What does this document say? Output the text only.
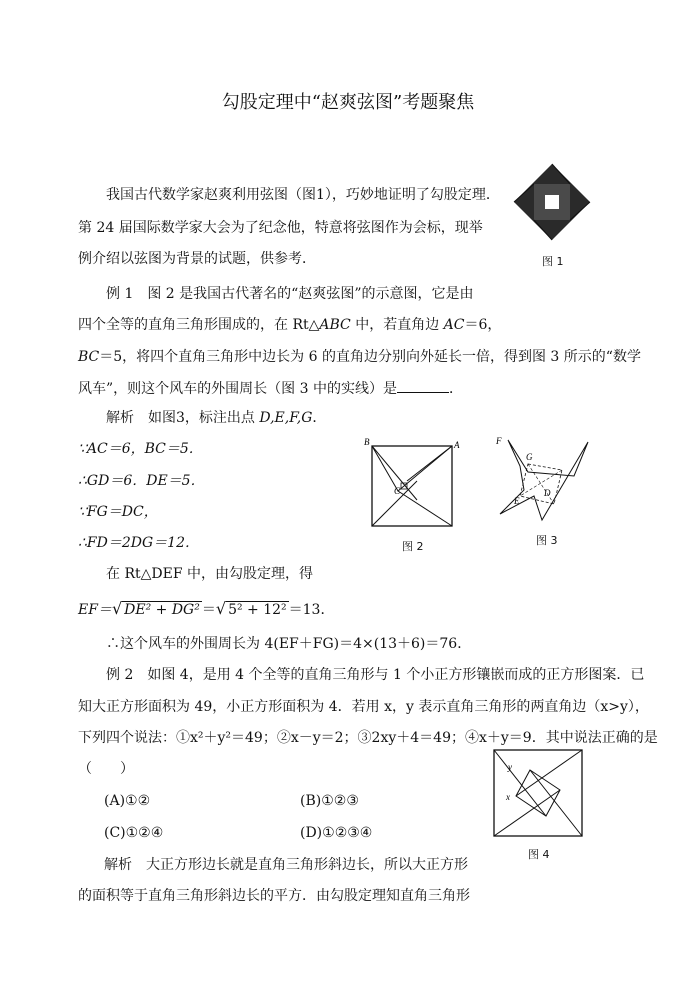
勾股定理中“赵爽弦图”考题聚焦
我国古代数学家赵爽利用弦图（图1），巧妙地证明了勾股定理．
第 24 届国际数学家大会为了纪念他，特意将弦图作为会标，现举
例介绍以弦图为背景的试题，供参考．	图 1
例 1　图 2 是我国古代著名的“赵爽弦图”的示意图，它是由
四个全等的直角三角形围成的，在 Rt△ABC 中，若直角边 AC＝6，
BC＝5，将四个直角三角形中边长为 6 的直角边分别向外延长一倍，得到图 3 所示的“数学
风车”，则这个风车的外围周长（图 3 中的实线）是	．
解析　如图3，标注出点 D,E,F,G．
∵AC＝6，BC＝5．
∴GD＝6．DE＝5．
∵FG＝DC，
∴FD＝2DG＝12．
在 Rt△DEF 中，由勾股定理，得
EF＝√ DE² + DG² ＝√ 5² + 12² ＝13．
∴这个风车的外围周长为 4(EF＋FG)＝4×(13＋6)＝76．
B	A
C
图 2
F
G
D
E
图 3
例 2　如图 4，是用 4 个全等的直角三角形与 1 个小正方形镶嵌而成的正方形图案．已
知大正方形面积为 49，小正方形面积为 4．若用 x，y 表示直角三角形的两直角边（x>y），
下列四个说法：①x²＋y²＝49；②x－y＝2；③2xy＋4＝49；④x＋y＝9．其中说法正确的是
（　　）
(A)①②	(B)①②③
(C)①②④	(D)①②③④
y
x
图 4
解析　大正方形边长就是直角三角形斜边长，所以大正方形
的面积等于直角三角形斜边长的平方．由勾股定理知直角三角形
